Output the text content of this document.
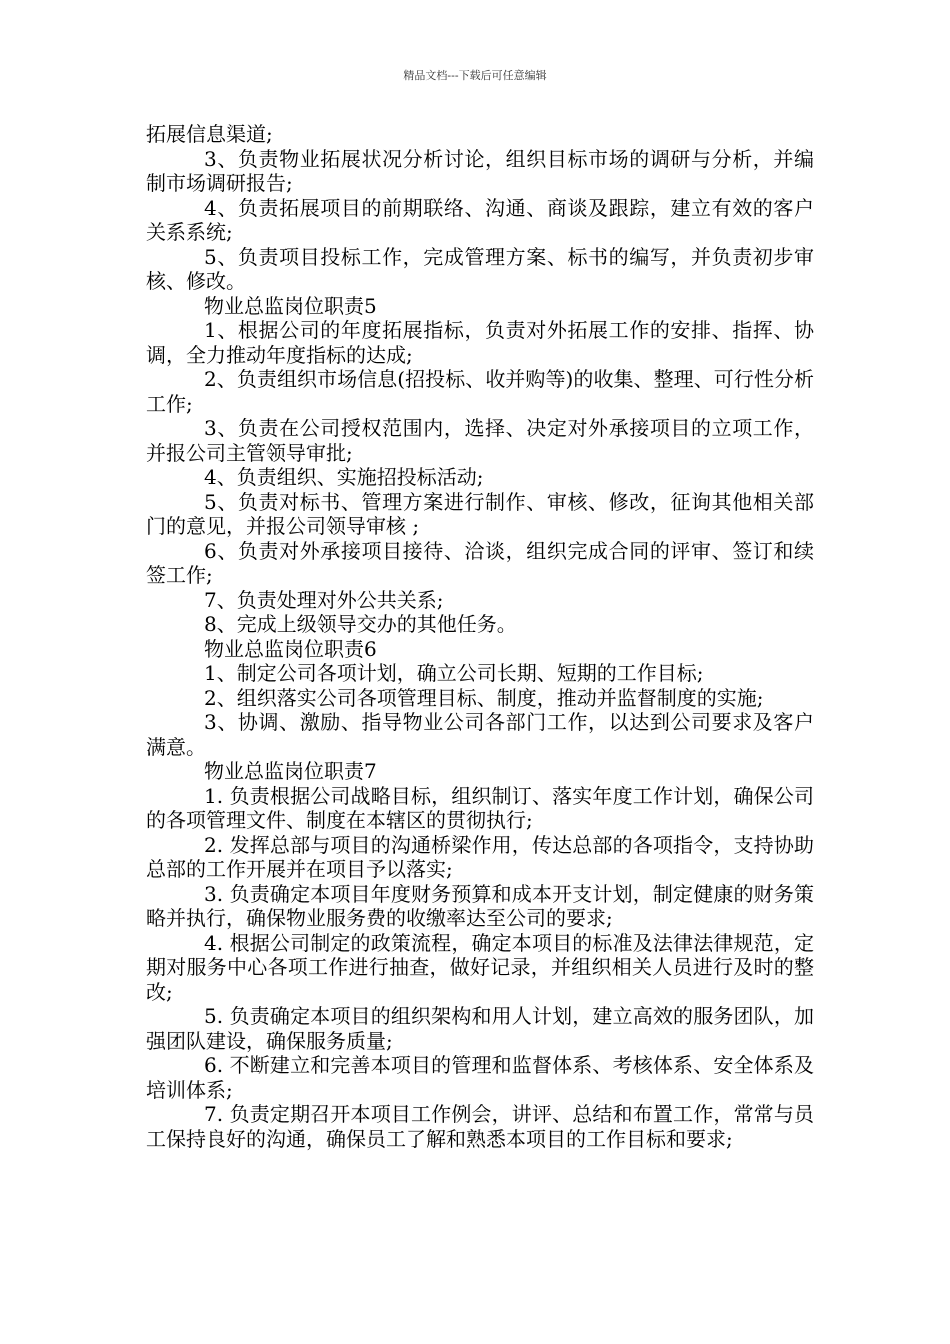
精品文档---下载后可任意编辑

拓展信息渠道;

3、负责物业拓展状况分析讨论，组织目标市场的调研与分析，并编制市场调研报告;

4、负责拓展项目的前期联络、沟通、商谈及跟踪，建立有效的客户关系系统;

5、负责项目投标工作，完成管理方案、标书的编写，并负责初步审核、修改。

物业总监岗位职责5

1、根据公司的年度拓展指标，负责对外拓展工作的安排、指挥、协调，全力推动年度指标的达成;

2、负责组织市场信息(招投标、收并购等)的收集、整理、可行性分析工作;

3、负责在公司授权范围内，选择、决定对外承接项目的立项工作，并报公司主管领导审批;

4、负责组织、实施招投标活动;

5、负责对标书、管理方案进行制作、审核、修改，征询其他相关部门的意见，并报公司领导审核 ;

6、负责对外承接项目接待、洽谈，组织完成合同的评审、签订和续签工作;

7、负责处理对外公共关系;

8、完成上级领导交办的其他任务。

物业总监岗位职责6

1、制定公司各项计划，确立公司长期、短期的工作目标;

2、组织落实公司各项管理目标、制度，推动并监督制度的实施;

3、协调、激励、指导物业公司各部门工作，以达到公司要求及客户满意。

物业总监岗位职责7

1. 负责根据公司战略目标，组织制订、落实年度工作计划，确保公司的各项管理文件、制度在本辖区的贯彻执行;

2. 发挥总部与项目的沟通桥梁作用，传达总部的各项指令，支持协助总部的工作开展并在项目予以落实;

3. 负责确定本项目年度财务预算和成本开支计划，制定健康的财务策略并执行，确保物业服务费的收缴率达至公司的要求;

4. 根据公司制定的政策流程，确定本项目的标准及法律法律规范，定期对服务中心各项工作进行抽查，做好记录，并组织相关人员进行及时的整改;

5. 负责确定本项目的组织架构和用人计划，建立高效的服务团队，加强团队建设，确保服务质量;

6. 不断建立和完善本项目的管理和监督体系、考核体系、安全体系及培训体系;

7. 负责定期召开本项目工作例会，讲评、总结和布置工作，常常与员工保持良好的沟通，确保员工了解和熟悉本项目的工作目标和要求;
